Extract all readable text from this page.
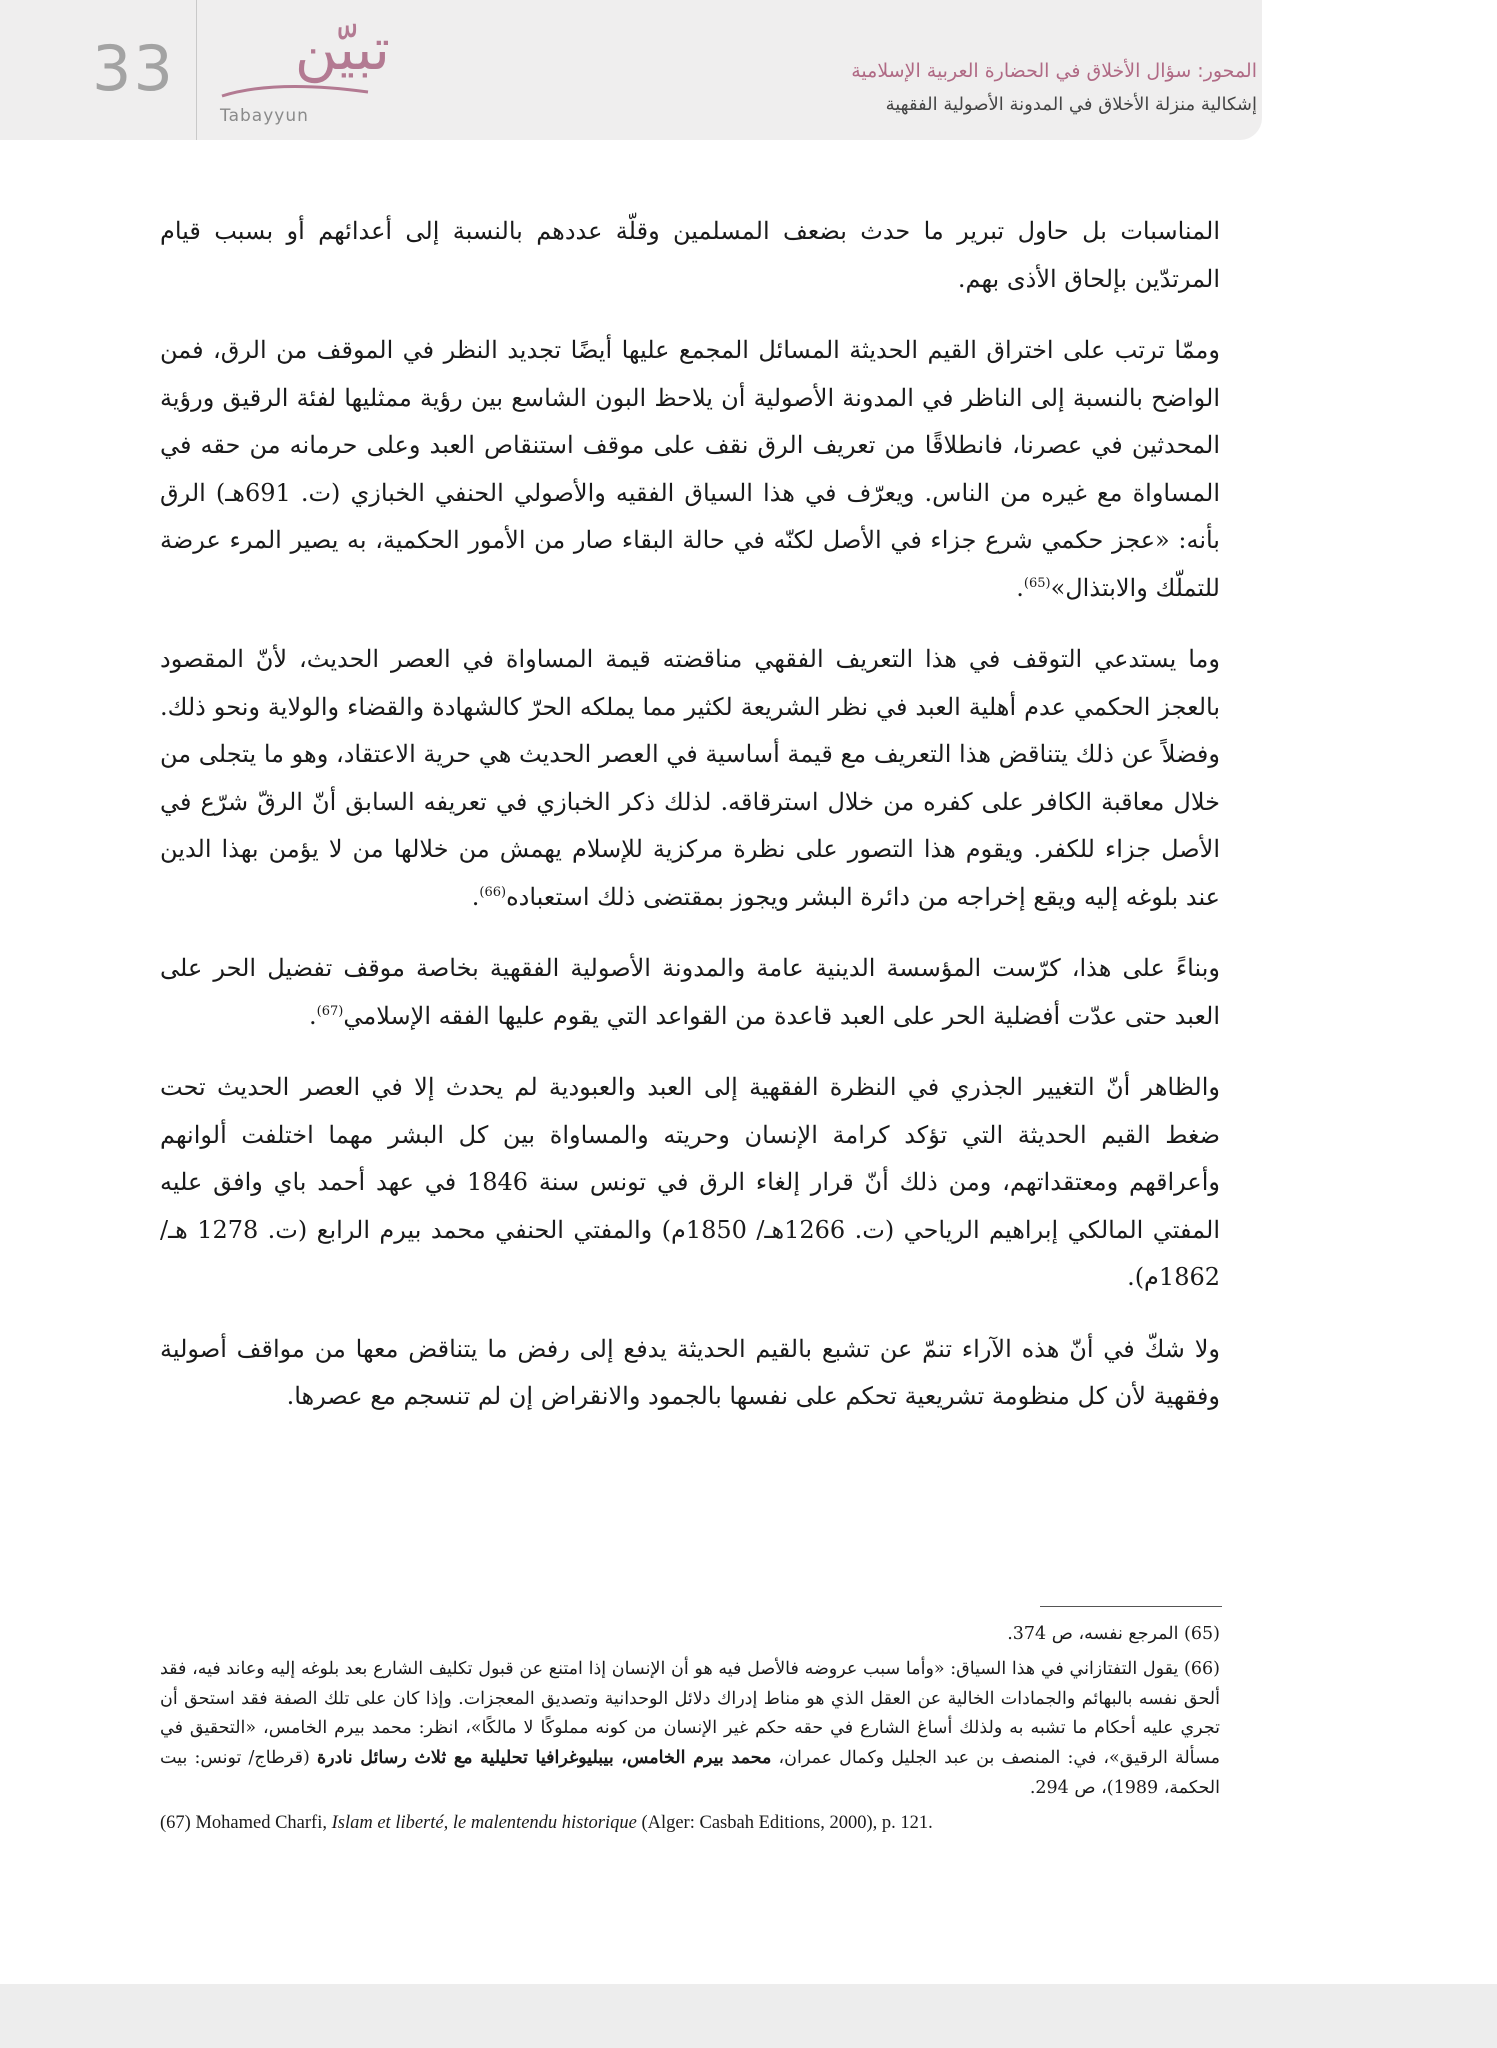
33 تبيّن
Tabayyun
المحور: سؤال الأخلاق في الحضارة العربية الإسلامية
إشكالية منزلة الأخلاق في المدونة الأصولية الفقهية

المناسبات بل حاول تبرير ما حدث بضعف المسلمين وقلّة عددهم بالنسبة إلى أعدائهم أو بسبب قيام المرتدّين بإلحاق الأذى بهم.

وممّا ترتب على اختراق القيم الحديثة المسائل المجمع عليها أيضًا تجديد النظر في الموقف من الرق، فمن الواضح بالنسبة إلى الناظر في المدونة الأصولية أن يلاحظ البون الشاسع بين رؤية ممثليها لفئة الرقيق ورؤية المحدثين في عصرنا، فانطلاقًا من تعريف الرق نقف على موقف استنقاص العبد وعلى حرمانه من حقه في المساواة مع غيره من الناس. ويعرّف في هذا السياق الفقيه والأصولي الحنفي الخبازي (ت. 691هـ) الرق بأنه: «عجز حكمي شرع جزاء في الأصل لكنّه في حالة البقاء صار من الأمور الحكمية، به يصير المرء عرضة للتملّك والابتذال»$^{(65)}$.

وما يستدعي التوقف في هذا التعريف الفقهي مناقضته قيمة المساواة في العصر الحديث، لأنّ المقصود بالعجز الحكمي عدم أهلية العبد في نظر الشريعة لكثير مما يملكه الحرّ كالشهادة والقضاء والولاية ونحو ذلك. وفضلاً عن ذلك يتناقض هذا التعريف مع قيمة أساسية في العصر الحديث هي حرية الاعتقاد، وهو ما يتجلى من خلال معاقبة الكافر على كفره من خلال استرقاقه. لذلك ذكر الخبازي في تعريفه السابق أنّ الرقّ شرّع في الأصل جزاء للكفر. ويقوم هذا التصور على نظرة مركزية للإسلام يهمش من خلالها من لا يؤمن بهذا الدين عند بلوغه إليه ويقع إخراجه من دائرة البشر ويجوز بمقتضى ذلك استعباده$^{(66)}$.

وبناءً على هذا، كرّست المؤسسة الدينية عامة والمدونة الأصولية الفقهية بخاصة موقف تفضيل الحر على العبد حتى عدّت أفضلية الحر على العبد قاعدة من القواعد التي يقوم عليها الفقه الإسلامي$^{(67)}$.

والظاهر أنّ التغيير الجذري في النظرة الفقهية إلى العبد والعبودية لم يحدث إلا في العصر الحديث تحت ضغط القيم الحديثة التي تؤكد كرامة الإنسان وحريته والمساواة بين كل البشر مهما اختلفت ألوانهم وأعراقهم ومعتقداتهم، ومن ذلك أنّ قرار إلغاء الرق في تونس سنة 1846 في عهد أحمد باي وافق عليه المفتي المالكي إبراهيم الرياحي (ت. 1266هـ/ 1850م) والمفتي الحنفي محمد بيرم الرابع (ت. 1278 هـ/ 1862م).

ولا شكّ في أنّ هذه الآراء تنمّ عن تشبع بالقيم الحديثة يدفع إلى رفض ما يتناقض معها من مواقف أصولية وفقهية لأن كل منظومة تشريعية تحكم على نفسها بالجمود والانقراض إن لم تنسجم مع عصرها.

(65) المرجع نفسه، ص 374.

(66) يقول التفتازاني في هذا السياق: «وأما سبب عروضه فالأصل فيه هو أن الإنسان إذا امتنع عن قبول تكليف الشارع بعد بلوغه إليه وعاند فيه، فقد ألحق نفسه بالبهائم والجمادات الخالية عن العقل الذي هو مناط إدراك دلائل الوحدانية وتصديق المعجزات. وإذا كان على تلك الصفة فقد استحق أن تجري عليه أحكام ما تشبه به ولذلك أساغ الشارع في حقه حكم غير الإنسان من كونه مملوكًا لا مالكًا»، انظر: محمد بيرم الخامس، «التحقيق في مسألة الرقيق»، في: المنصف بن عبد الجليل وكمال عمران، محمد بيرم الخامس، بيبليوغرافيا تحليلية مع ثلاث رسائل نادرة (قرطاج/ تونس: بيت الحكمة، 1989)، ص 294.

(67) Mohamed Charfi, Islam et liberté, le malentendu historique (Alger: Casbah Editions, 2000), p. 121.
